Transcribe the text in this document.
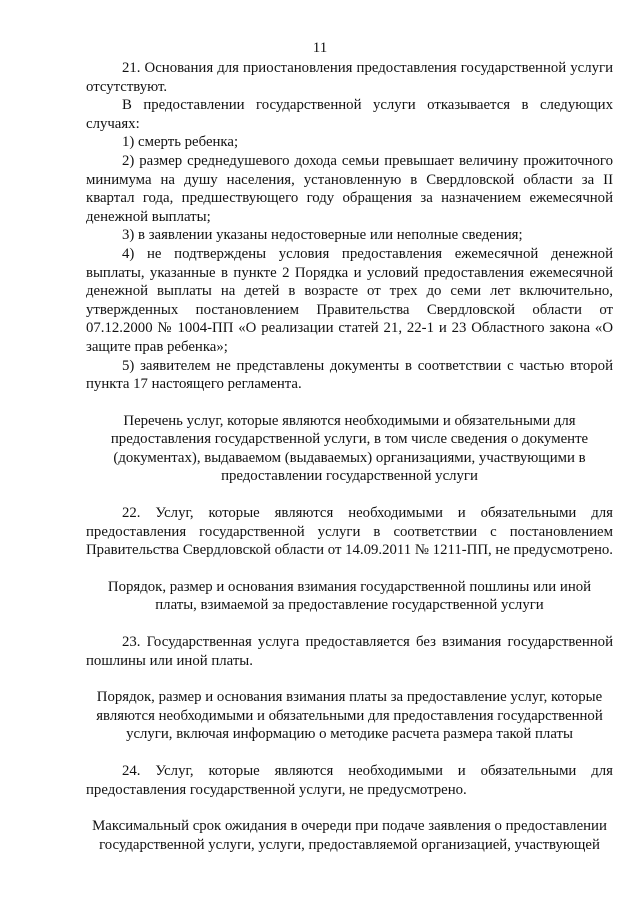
11

21. Основания для приостановления предоставления государственной услуги отсутствуют.

В предоставлении государственной услуги отказывается в следующих случаях:

1) смерть ребенка;

2) размер среднедушевого дохода семьи превышает величину прожиточного минимума на душу населения, установленную в Свердловской области за II квартал года, предшествующего году обращения за назначением ежемесячной денежной выплаты;

3) в заявлении указаны недостоверные или неполные сведения;

4) не подтверждены условия предоставления ежемесячной денежной выплаты, указанные в пункте 2 Порядка и условий предоставления ежемесячной денежной выплаты на детей в возрасте от трех до семи лет включительно, утвержденных постановлением Правительства Свердловской области от 07.12.2000 № 1004-ПП «О реализации статей 21, 22-1 и 23 Областного закона «О защите прав ребенка»;

5) заявителем не представлены документы в соответствии с частью второй пункта 17 настоящего регламента.

Перечень услуг, которые являются необходимыми и обязательными для предоставления государственной услуги, в том числе сведения о документе (документах), выдаваемом (выдаваемых) организациями, участвующими в предоставлении государственной услуги

22. Услуг, которые являются необходимыми и обязательными для предоставления государственной услуги в соответствии с постановлением Правительства Свердловской области от 14.09.2011 № 1211-ПП, не предусмотрено.

Порядок, размер и основания взимания государственной пошлины или иной платы, взимаемой за предоставление государственной услуги

23. Государственная услуга предоставляется без взимания государственной пошлины или иной платы.

Порядок, размер и основания взимания платы за предоставление услуг, которые являются необходимыми и обязательными для предоставления государственной услуги, включая информацию о методике расчета размера такой платы

24. Услуг, которые являются необходимыми и обязательными для предоставления государственной услуги, не предусмотрено.

Максимальный срок ожидания в очереди при подаче заявления о предоставлении государственной услуги, услуги, предоставляемой организацией, участвующей
